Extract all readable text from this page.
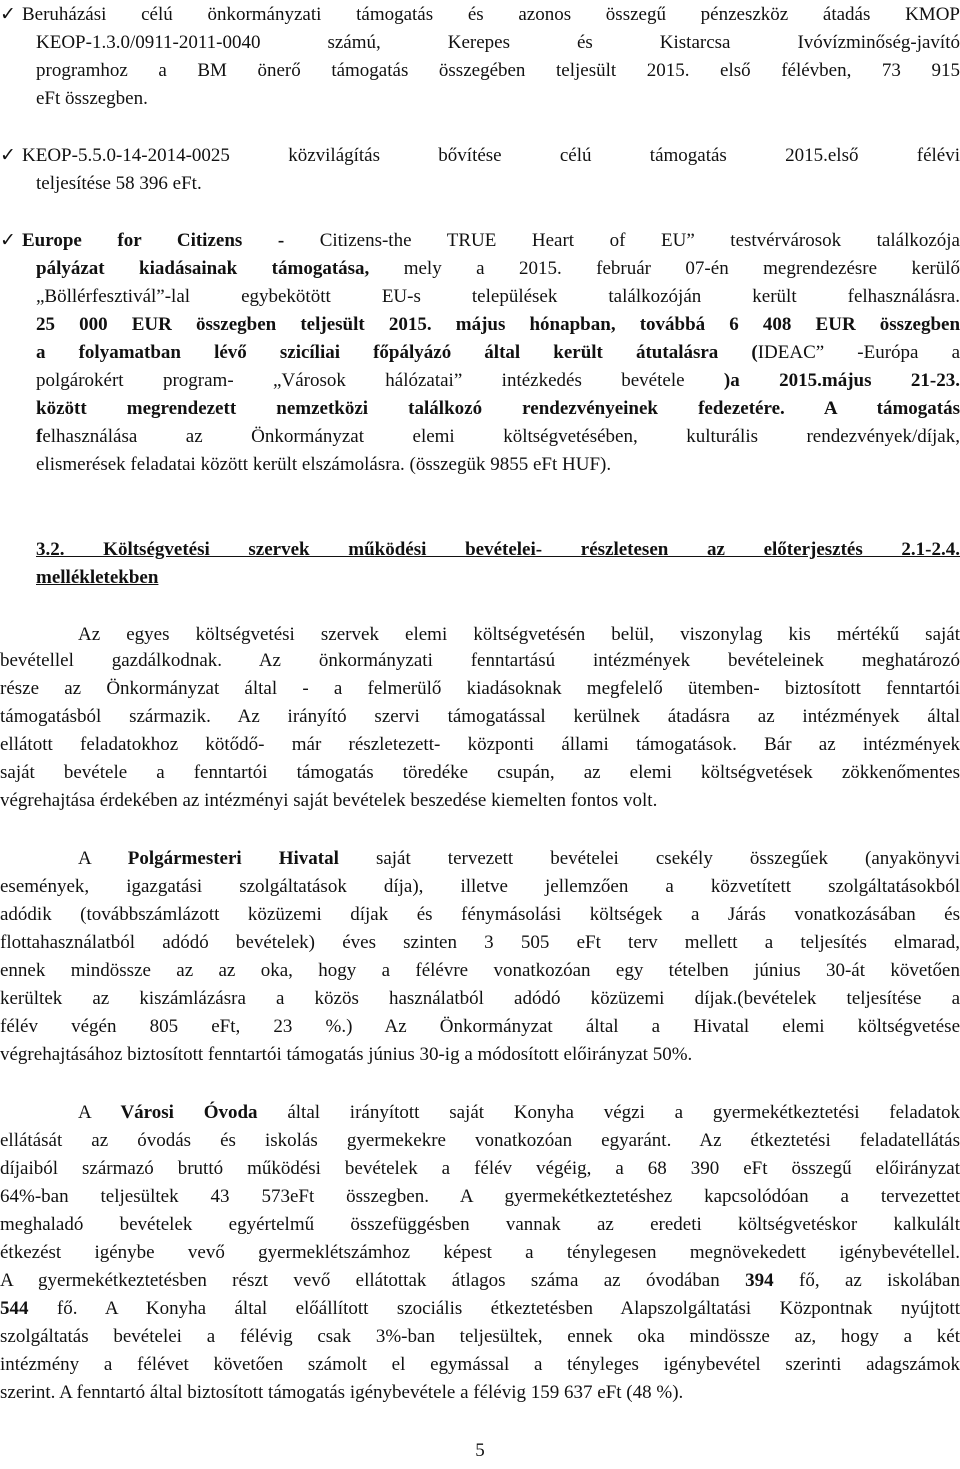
✓ Beruházási célú önkormányzati támogatás és azonos összegű pénzeszköz átadás KMOP
KEOP-1.3.0/0911-2011-0040 számú, Kerepes és Kistarcsa Ivóvízminőség-javító
programhoz a BM önerő támogatás összegében teljesült 2015. első félévben, 73 915
eFt összegben.
✓ KEOP-5.5.0-14-2014-0025 közvilágítás bővítése célú támogatás 2015.első félévi
teljesítése 58 396 eFt.
✓ Europe for Citizens - Citizens-the TRUE Heart of EU” testvérvárosok találkozója
pályázat kiadásainak támogatása, mely a 2015. február 07-én megrendezésre kerülő
„Böllérfesztivál”-lal egybekötött EU-s települések találkozóján került felhasználásra.
25 000 EUR összegben teljesült 2015. május hónapban, továbbá 6 408 EUR összegben
a folyamatban lévő szicíliai főpályázó által került átutalásra (IDEAC” -Európa a
polgárokért program- „Városok hálózatai” intézkedés bevétele )a 2015.május 21-23.
között megrendezett nemzetközi találkozó rendezvényeinek fedezetére. A támogatás
felhasználása az Önkormányzat elemi költségvetésében, kulturális rendezvények/díjak,
elismerések feladatai között került elszámolásra. (összegük 9855 eFt HUF).
3.2. Költségvetési szervek működési bevételei- részletesen az előterjesztés 2.1-2.4.
mellékletekben
Az egyes költségvetési szervek elemi költségvetésén belül, viszonylag kis mértékű saját
bevétellel gazdálkodnak. Az önkormányzati fenntartású intézmények bevételeinek meghatározó
része az Önkormányzat által - a felmerülő kiadásoknak megfelelő ütemben- biztosított fenntartói
támogatásból származik. Az irányító szervi támogatással kerülnek átadásra az intézmények által
ellátott feladatokhoz kötődő- már részletezett- központi állami támogatások. Bár az intézmények
saját bevétele a fenntartói támogatás töredéke csupán, az elemi költségvetések zökkenőmentes
végrehajtása érdekében az intézményi saját bevételek beszedése kiemelten fontos volt.
A Polgármesteri Hivatal saját tervezett bevételei csekély összegűek (anyakönyvi
események, igazgatási szolgáltatások díja), illetve jellemzően a közvetített szolgáltatásokból
adódik (továbbszámlázott közüzemi díjak és fénymásolási költségek a Járás vonatkozásában és
flottahasználatból adódó bevételek) éves szinten 3 505 eFt terv mellett a teljesítés elmarad,
ennek mindössze az az oka, hogy a félévre vonatkozóan egy tételben június 30-át követően
kerültek az kiszámlázásra a közös használatból adódó közüzemi díjak.(bevételek teljesítése a
félév végén 805 eFt, 23 %.) Az Önkormányzat által a Hivatal elemi költségvetése
végrehajtásához biztosított fenntartói támogatás június 30-ig a módosított előirányzat 50%.
A Városi Óvoda által irányított saját Konyha végzi a gyermekétkeztetési feladatok
ellátását az óvodás és iskolás gyermekekre vonatkozóan egyaránt. Az étkeztetési feladatellátás
díjaiból származó bruttó működési bevételek a félév végéig, a 68 390 eFt összegű előirányzat
64%-ban teljesültek 43 573eFt összegben. A gyermekétkeztetéshez kapcsolódóan a tervezettet
meghaladó bevételek egyértelmű összefüggésben vannak az eredeti költségvetéskor kalkulált
étkezést igénybe vevő gyermeklétszámhoz képest a ténylegesen megnövekedett igénybevétellel.
A gyermekétkeztetésben részt vevő ellátottak átlagos száma az óvodában 394 fő, az iskolában
544 fő. A Konyha által előállított szociális étkeztetésben Alapszolgáltatási Központnak nyújtott
szolgáltatás bevételei a félévig csak 3%-ban teljesültek, ennek oka mindössze az, hogy a két
intézmény a félévet követően számolt el egymással a tényleges igénybevétel szerinti adagszámok
szerint. A fenntartó által biztosított támogatás igénybevétele a félévig 159 637 eFt (48 %).
5
